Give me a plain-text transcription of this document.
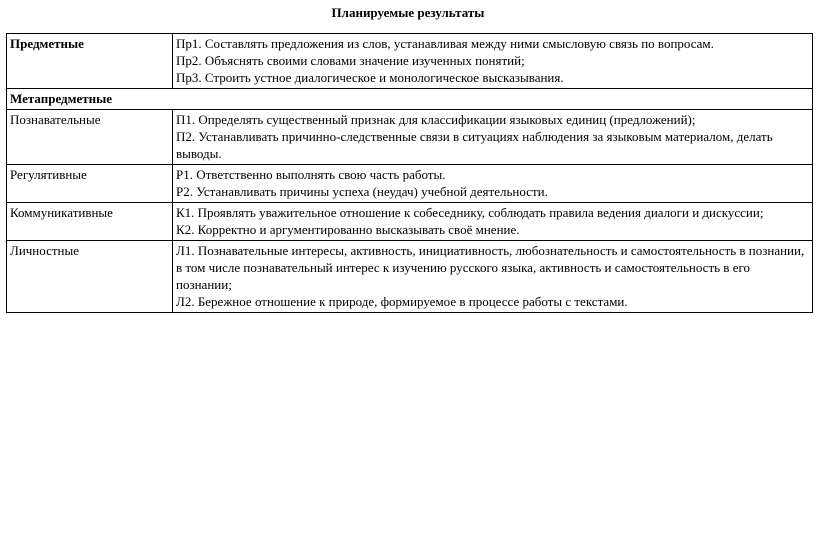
Планируемые результаты
Предметные	Пр1. Составлять предложения из слов, устанавливая между ними смысловую связь по вопросам.
Пр2. Объяснять своими словами значение изученных понятий;
Пр3. Строить устное диалогическое и монологическое высказывания.

Метапредметные	
Познавательные	П1. Определять существенный признак для классификации языковых единиц (предложений);
П2. Устанавливать причинно-следственные связи в ситуациях наблюдения за языковым материалом, делать выводы.

Регулятивные	Р1. Ответственно выполнять свою часть работы.
Р2. Устанавливать причины успеха (неудач) учебной деятельности.

Коммуникативные	К1. Проявлять уважительное отношение к собеседнику, соблюдать правила ведения диалоги и дискуссии;
К2. Корректно и аргументированно высказывать своё мнение.

Личностные	Л1. Познавательные интересы, активность, инициативность, любознательность и самостоятельность в познании, в том числе познавательный интерес к изучению русского языка, активность и самостоятельность в его познании;
Л2. Бережное отношение к природе, формируемое в процессе работы с текстами.
